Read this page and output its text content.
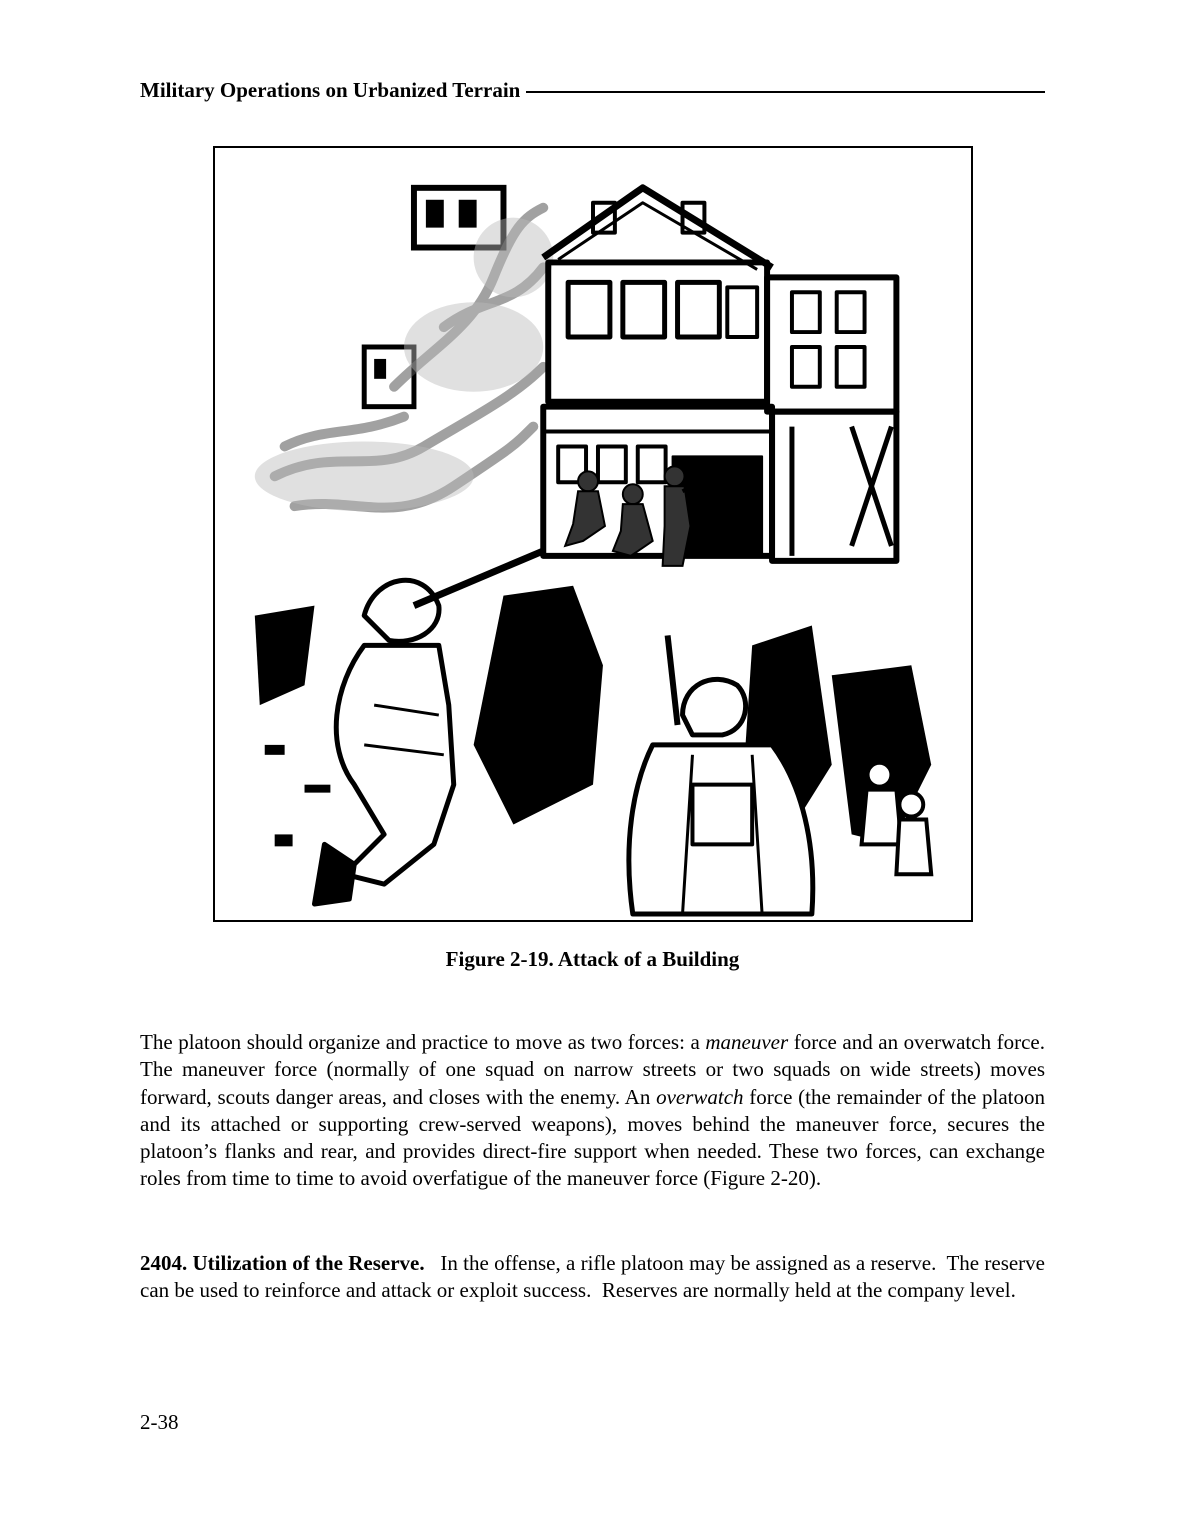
Military Operations on Urbanized Terrain
Figure 2-19. Attack of a Building
The platoon should organize and practice to move as two forces: a maneuver force and an overwatch force. The maneuver force (normally of one squad on narrow streets or two squads on wide streets) moves forward, scouts danger areas, and closes with the enemy. An overwatch force (the remainder of the platoon and its attached or supporting crew-served weapons), moves behind the maneuver force, secures the platoon’s flanks and rear, and provides direct-fire support when needed. These two forces, can exchange roles from time to time to avoid overfatigue of the maneuver force (Figure 2-20).
2404. Utilization of the Reserve.   In the offense, a rifle platoon may be assigned as a reserve.  The reserve can be used to reinforce and attack or exploit success.  Reserves are normally held at the company level.
2-38
